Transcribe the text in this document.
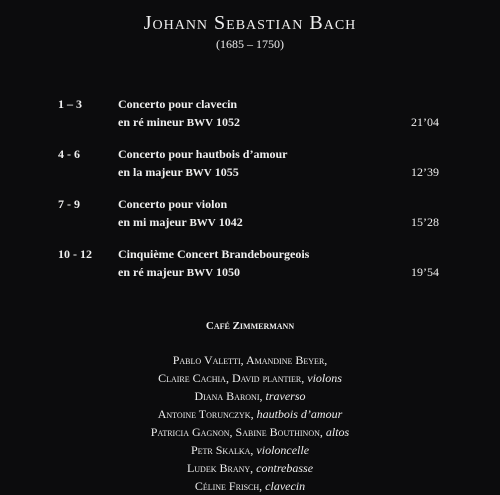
Johann Sebastian Bach
(1685 – 1750)
1 – 3	Concerto pour clavecin
en ré mineur BWV 1052	21’04
4 - 6	Concerto pour hautbois d’amour
en la majeur BWV 1055	12’39
7 - 9	Concerto pour violon
en mi majeur BWV 1042	15’28
10 - 12 Cinquième Concert Brandebourgeois
en ré majeur BWV 1050	19’54
Café Zimmermann
Pablo Valetti, Amandine Beyer,
Claire Cachia, David plantier, violons
Diana Baroni, traverso
Antoine Torunczyk, hautbois d’amour
Patricia Gagnon, Sabine Bouthinon, altos
Petr Skalka, violoncelle
Ludek Brany, contrebasse
Céline Frisch, clavecin
